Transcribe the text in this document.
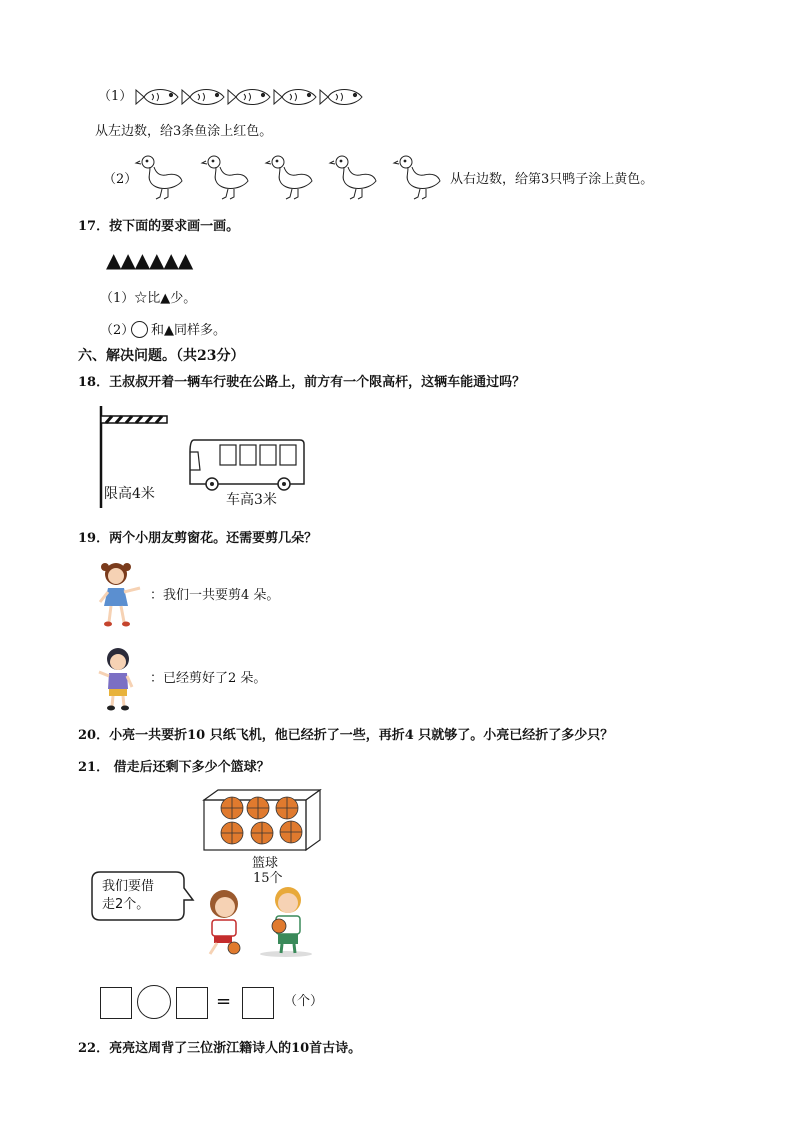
（1）
从左边数，给3条鱼涂上红色。
（2）	从右边数，给第3只鸭子涂上黄色。
17．按下面的要求画一画。
▲▲▲▲▲▲
（1）☆比▲少。
（2） 和▲同样多。
六、解决问题。（共23分）
18．王叔叔开着一辆车行驶在公路上，前方有一个限高杆，这辆车能通过吗？
限高4米	车高3米
19．两个小朋友剪窗花。还需要剪几朵？
：我们一共要剪4 朵。
：已经剪好了2 朵。
20．小亮一共要折10 只纸飞机，他已经折了一些，再折4 只就够了。小亮已经折了多少只？
21． 借走后还剩下多少个篮球？
篮球
15个
我们要借
走2个。
=	（个）
22．亮亮这周背了三位浙江籍诗人的10首古诗。
